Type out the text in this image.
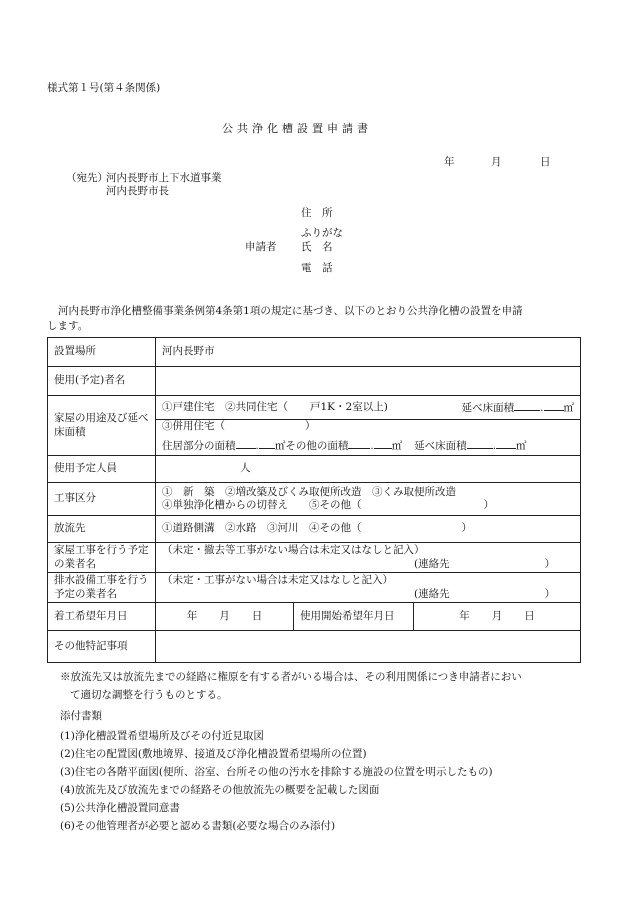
様式第１号(第４条関係)
公共浄化槽設置申請書
年	月	日
（宛先）
河内長野市上下水道事業
河内長野市長
住　所
ふりがな
申請者 氏　名
電　話
河内長野市浄化槽整備事業条例第4条第1項の規定に基づき、以下のとおり公共浄化槽の設置を申請
します。
設置場所	河内長野市		
使用(予定)者名			
家屋の用途及び延べ床面積	①戸建住宅　②共同住宅（ 戸1K・2室以上) 延べ床面積 . ㎡
③併用住宅（ ）
住居部分の面積 . ㎡その他の面積 . ㎡ 延べ床面積 . ㎡		

使用予定人員	人		
工事区分	①　新　築　②増改築及びくみ取便所改造　③くみ取便所改造
④単独浄化槽からの切替え　　⑤その他（ ）		

放流先	①道路側溝　②水路　③河川　④その他（ ）		
家屋工事を行う予定の業者名	（未定・撤去等工事がない場合は未定又はなしと記入）
(連絡先 ）		

排水設備工事を行う予定の業者名	（未定・工事がない場合は未定又はなしと記入）
(連絡先 ）		

着工希望年月日	年 月 日	使用開始希望年月日	年 月 日
その他特記事項			
※放流先又は放流先までの経路に権原を有する者がいる場合は、その利用関係につき申請者におい
て適切な調整を行うものとする。
添付書類
(1)浄化槽設置希望場所及びその付近見取図
(2)住宅の配置図(敷地境界、接道及び浄化槽設置希望場所の位置)
(3)住宅の各階平面図(便所、浴室、台所その他の汚水を排除する施設の位置を明示したもの)
(4)放流先及び放流先までの経路その他放流先の概要を記載した図面
(5)公共浄化槽設置同意書
(6)その他管理者が必要と認める書類(必要な場合のみ添付)
